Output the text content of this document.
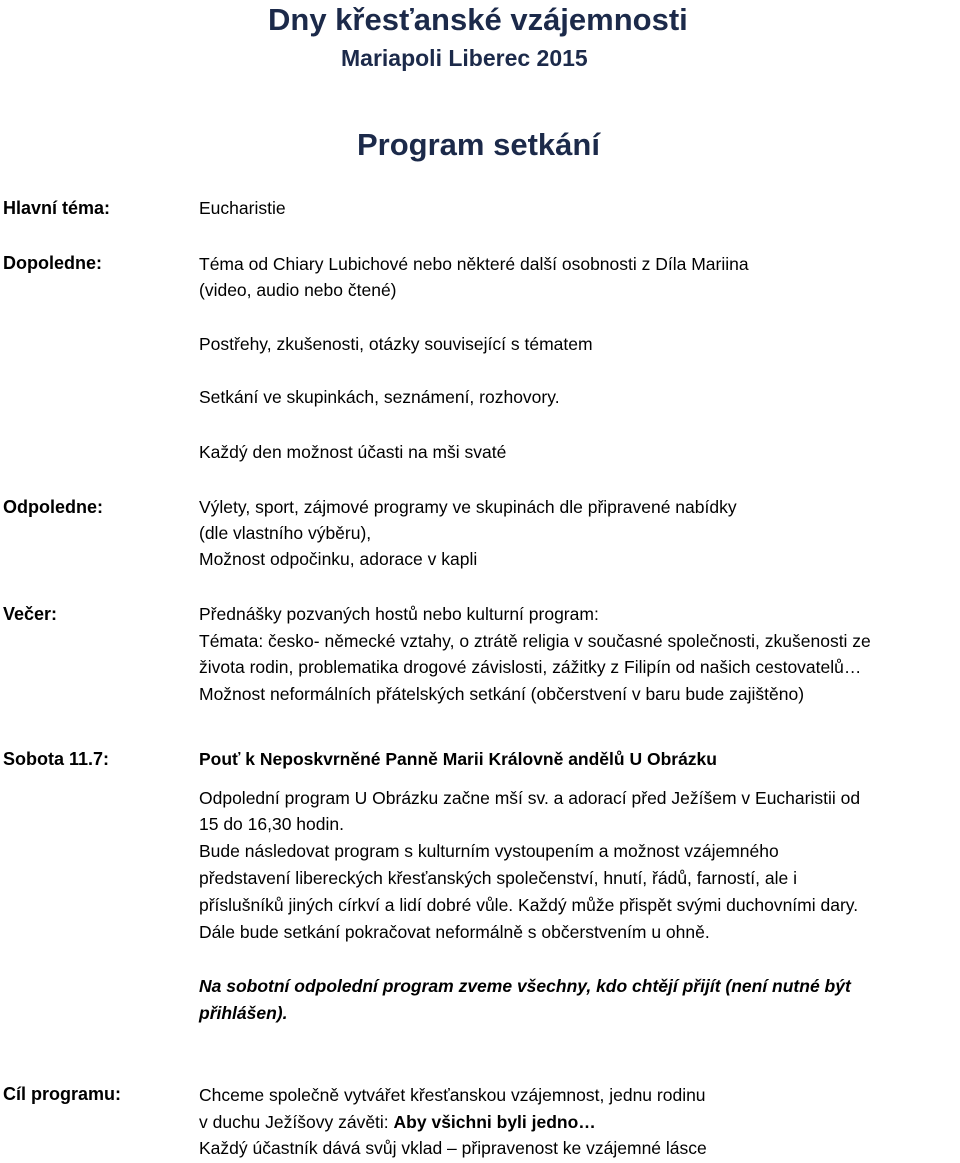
Dny křesťanské vzájemnosti
Mariapoli Liberec 2015
Program setkání
Hlavní téma:	Eucharistie
Dopoledne:	Téma od Chiary Lubichové nebo některé další osobnosti z Díla Mariina
(video, audio nebo čtené)
Postřehy, zkušenosti, otázky související s tématem
Setkání ve skupinkách, seznámení, rozhovory.
Každý den možnost účasti na mši svaté
Odpoledne:	Výlety, sport, zájmové programy ve skupinách dle připravené nabídky
(dle vlastního výběru),
Možnost odpočinku, adorace v kapli
Večer:	Přednášky pozvaných hostů nebo kulturní program:
Témata: česko- německé vztahy, o ztrátě religia v současné společnosti, zkušenosti ze
života rodin, problematika drogové závislosti, zážitky z Filipín od našich cestovatelů…
Možnost neformálních přátelských setkání (občerstvení v baru bude zajištěno)
Sobota 11.7:	Pouť k Neposkvrněné Panně Marii Královně andělů U Obrázku
Odpolední program U Obrázku začne mší sv. a adorací před Ježíšem v Eucharistii od
15 do 16,30 hodin.
Bude následovat program s kulturním vystoupením a možnost vzájemného
představení libereckých křesťanských společenství, hnutí, řádů, farností, ale i
příslušníků jiných církví a lidí dobré vůle. Každý může přispět svými duchovními dary.
Dále bude setkání pokračovat neformálně s občerstvením u ohně.
Na sobotní odpolední program zveme všechny, kdo chtějí přijít (není nutné být
přihlášen).
Cíl programu:	Chceme společně vytvářet křesťanskou vzájemnost, jednu rodinu
v duchu Ježíšovy závěti: Aby všichni byli jedno…
Každý účastník dává svůj vklad – připravenost ke vzájemné lásce
